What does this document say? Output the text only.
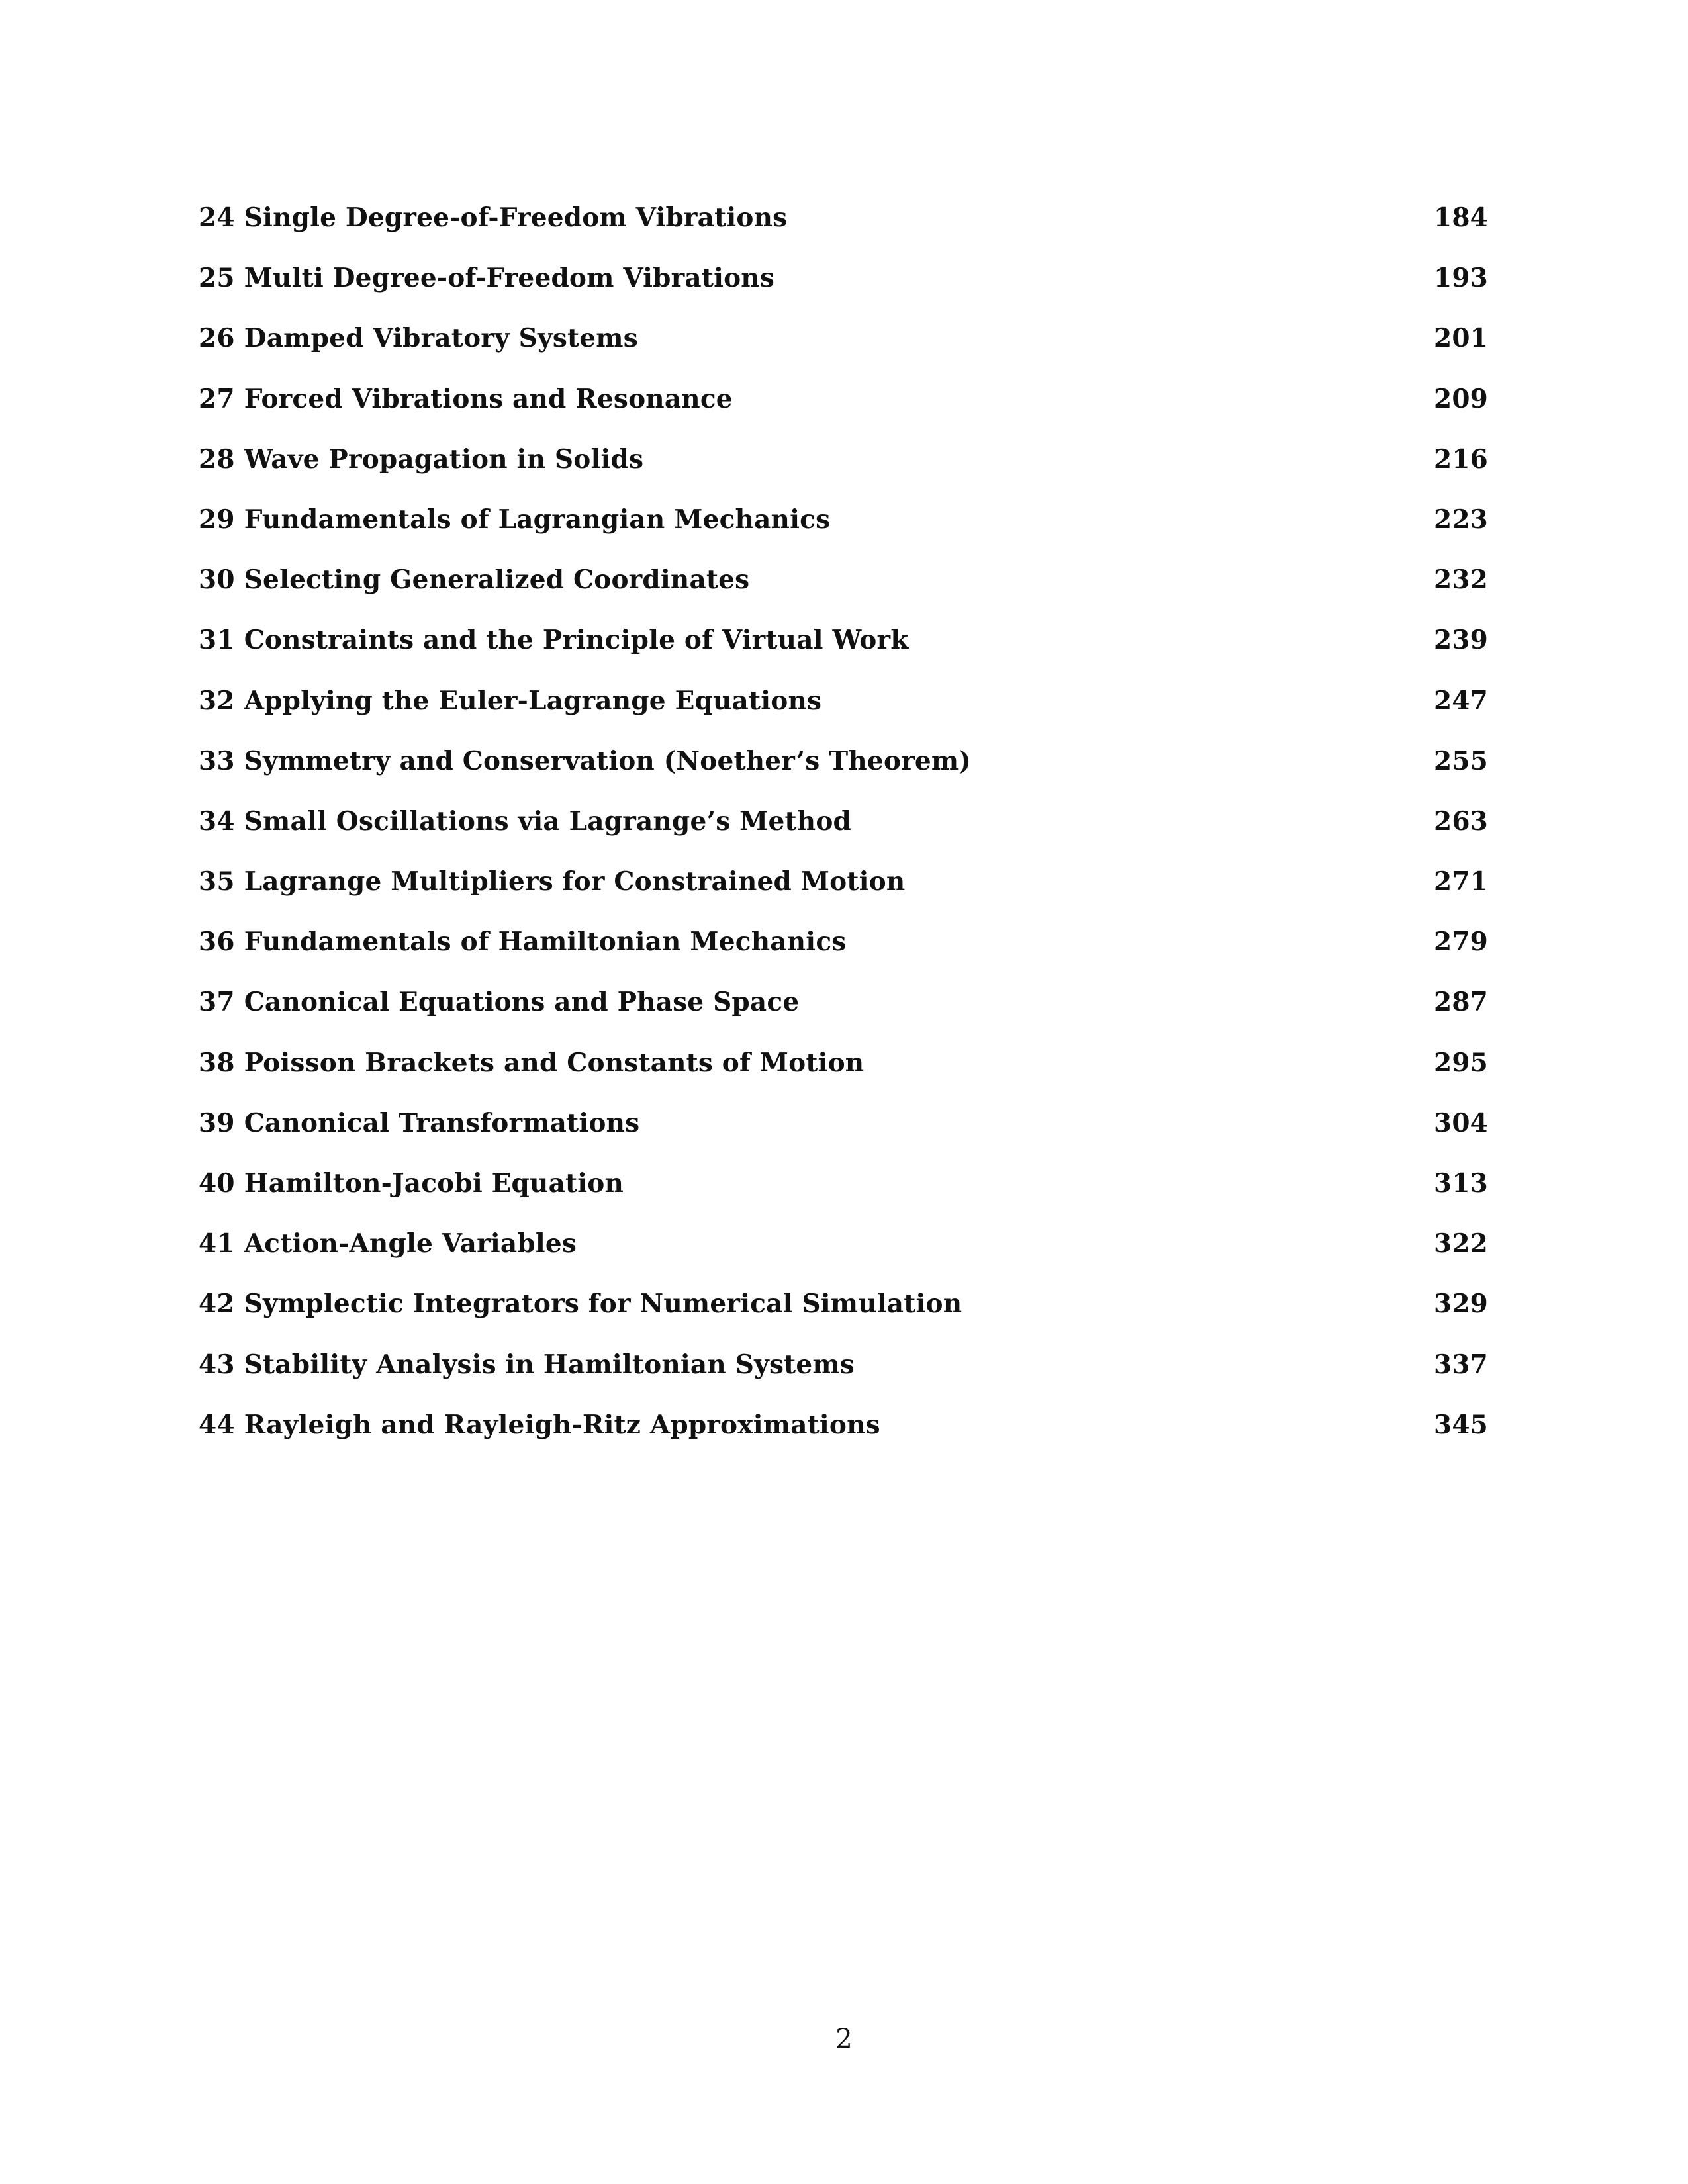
24 Single Degree-of-Freedom Vibrations	184
25 Multi Degree-of-Freedom Vibrations	193
26 Damped Vibratory Systems	201
27 Forced Vibrations and Resonance	209
28 Wave Propagation in Solids	216
29 Fundamentals of Lagrangian Mechanics	223
30 Selecting Generalized Coordinates	232
31 Constraints and the Principle of Virtual Work	239
32 Applying the Euler-Lagrange Equations	247
33 Symmetry and Conservation (Noether’s Theorem)	255
34 Small Oscillations via Lagrange’s Method	263
35 Lagrange Multipliers for Constrained Motion	271
36 Fundamentals of Hamiltonian Mechanics	279
37 Canonical Equations and Phase Space	287
38 Poisson Brackets and Constants of Motion	295
39 Canonical Transformations	304
40 Hamilton-Jacobi Equation	313
41 Action-Angle Variables	322
42 Symplectic Integrators for Numerical Simulation	329
43 Stability Analysis in Hamiltonian Systems	337
44 Rayleigh and Rayleigh-Ritz Approximations	345
2
